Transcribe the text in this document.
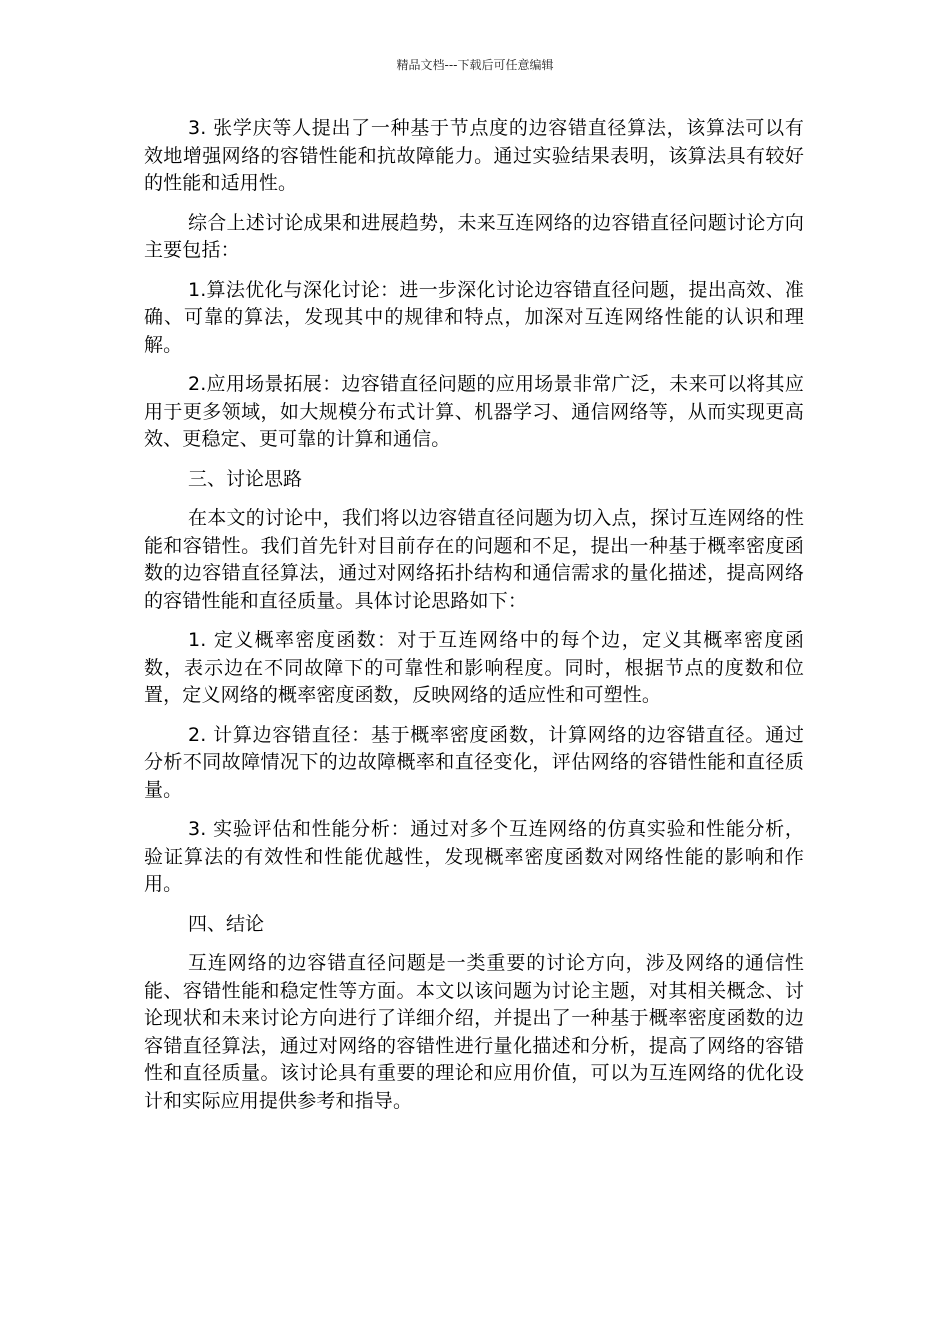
精品文档---下载后可任意编辑

3. 张学庆等人提出了一种基于节点度的边容错直径算法，该算法可以有效地增强网络的容错性能和抗故障能力。通过实验结果表明，该算法具有较好的性能和适用性。

综合上述讨论成果和进展趋势，未来互连网络的边容错直径问题讨论方向主要包括：

1.算法优化与深化讨论：进一步深化讨论边容错直径问题，提出高效、准确、可靠的算法，发现其中的规律和特点，加深对互连网络性能的认识和理解。

2.应用场景拓展：边容错直径问题的应用场景非常广泛，未来可以将其应用于更多领域，如大规模分布式计算、机器学习、通信网络等，从而实现更高效、更稳定、更可靠的计算和通信。

三、讨论思路

在本文的讨论中，我们将以边容错直径问题为切入点，探讨互连网络的性能和容错性。我们首先针对目前存在的问题和不足，提出一种基于概率密度函数的边容错直径算法，通过对网络拓扑结构和通信需求的量化描述，提高网络的容错性能和直径质量。具体讨论思路如下：

1. 定义概率密度函数：对于互连网络中的每个边，定义其概率密度函数，表示边在不同故障下的可靠性和影响程度。同时，根据节点的度数和位置，定义网络的概率密度函数，反映网络的适应性和可塑性。

2. 计算边容错直径：基于概率密度函数，计算网络的边容错直径。通过分析不同故障情况下的边故障概率和直径变化，评估网络的容错性能和直径质量。

3. 实验评估和性能分析：通过对多个互连网络的仿真实验和性能分析，验证算法的有效性和性能优越性，发现概率密度函数对网络性能的影响和作用。

四、结论

互连网络的边容错直径问题是一类重要的讨论方向，涉及网络的通信性能、容错性能和稳定性等方面。本文以该问题为讨论主题，对其相关概念、讨论现状和未来讨论方向进行了详细介绍，并提出了一种基于概率密度函数的边容错直径算法，通过对网络的容错性进行量化描述和分析，提高了网络的容错性和直径质量。该讨论具有重要的理论和应用价值，可以为互连网络的优化设计和实际应用提供参考和指导。
